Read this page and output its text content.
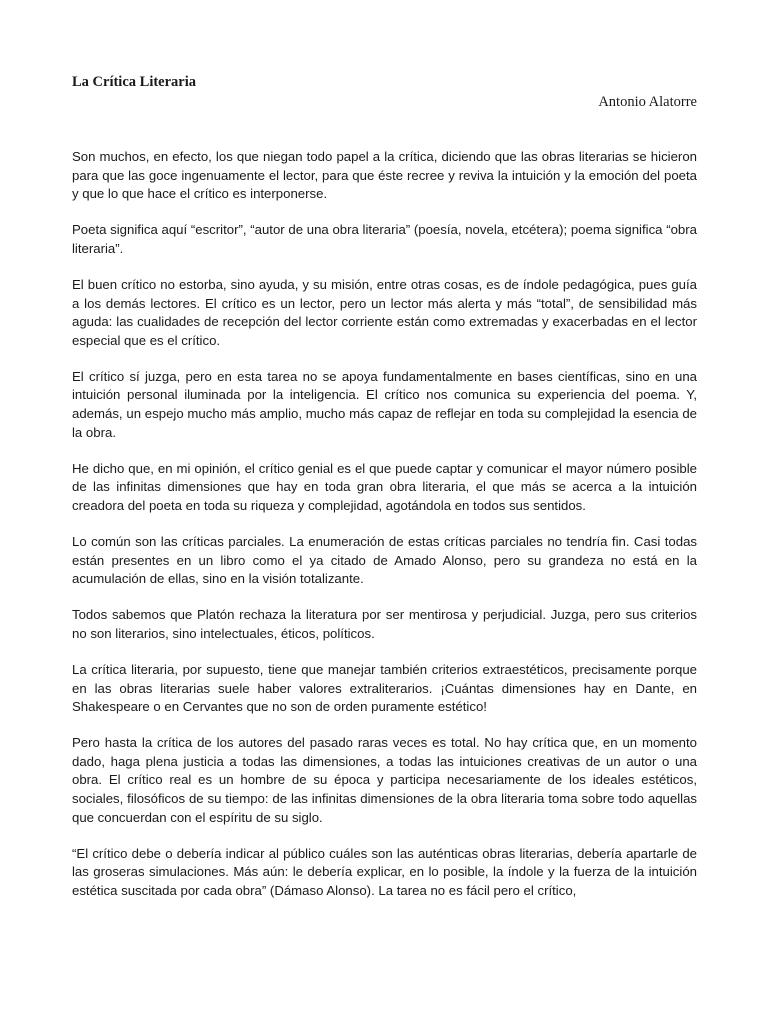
La Crítica Literaria

Antonio Alatorre

Son muchos, en efecto, los que niegan todo papel a la crítica, diciendo que las obras literarias se hicieron para que las goce ingenuamente el lector, para que éste recree y reviva la intuición y la emoción del poeta y que lo que hace el crítico es interponerse.

Poeta significa aquí “escritor”, “autor de una obra literaria” (poesía, novela, etcétera); poema significa “obra literaria”.

El buen crítico no estorba, sino ayuda, y su misión, entre otras cosas, es de índole pedagógica, pues guía a los demás lectores. El crítico es un lector, pero un lector más alerta y más “total”, de sensibilidad más aguda: las cualidades de recepción del lector corriente están como extremadas y exacerbadas en el lector especial que es el crítico.

El crítico sí juzga, pero en esta tarea no se apoya fundamentalmente en bases científicas, sino en una intuición personal iluminada por la inteligencia. El crítico nos comunica su experiencia del poema. Y, además, un espejo mucho más amplio, mucho más capaz de reflejar en toda su complejidad la esencia de la obra.

He dicho que, en mi opinión, el crítico genial es el que puede captar y comunicar el mayor número posible de las infinitas dimensiones que hay en toda gran obra literaria, el que más se acerca a la intuición creadora del poeta en toda su riqueza y complejidad, agotándola en todos sus sentidos.

Lo común son las críticas parciales. La enumeración de estas críticas parciales no tendría fin. Casi todas están presentes en un libro como el ya citado de Amado Alonso, pero su grandeza no está en la acumulación de ellas, sino en la visión totalizante.

Todos sabemos que Platón rechaza la literatura por ser mentirosa y perjudicial. Juzga, pero sus criterios no son literarios, sino intelectuales, éticos, políticos.

La crítica literaria, por supuesto, tiene que manejar también criterios extraestéticos, precisamente porque en las obras literarias suele haber valores extraliterarios. ¡Cuántas dimensiones hay en Dante, en Shakespeare o en Cervantes que no son de orden puramente estético!

Pero hasta la crítica de los autores del pasado raras veces es total. No hay crítica que, en un momento dado, haga plena justicia a todas las dimensiones, a todas las intuiciones creativas de un autor o una obra. El crítico real es un hombre de su época y participa necesariamente de los ideales estéticos, sociales, filosóficos de su tiempo: de las infinitas dimensiones de la obra literaria toma sobre todo aquellas que concuerdan con el espíritu de su siglo.

“El crítico debe o debería indicar al público cuáles son las auténticas obras literarias, debería apartarle de las groseras simulaciones. Más aún: le debería explicar, en lo posible, la índole y la fuerza de la intuición estética suscitada por cada obra” (Dámaso Alonso). La tarea no es fácil pero el crítico,
